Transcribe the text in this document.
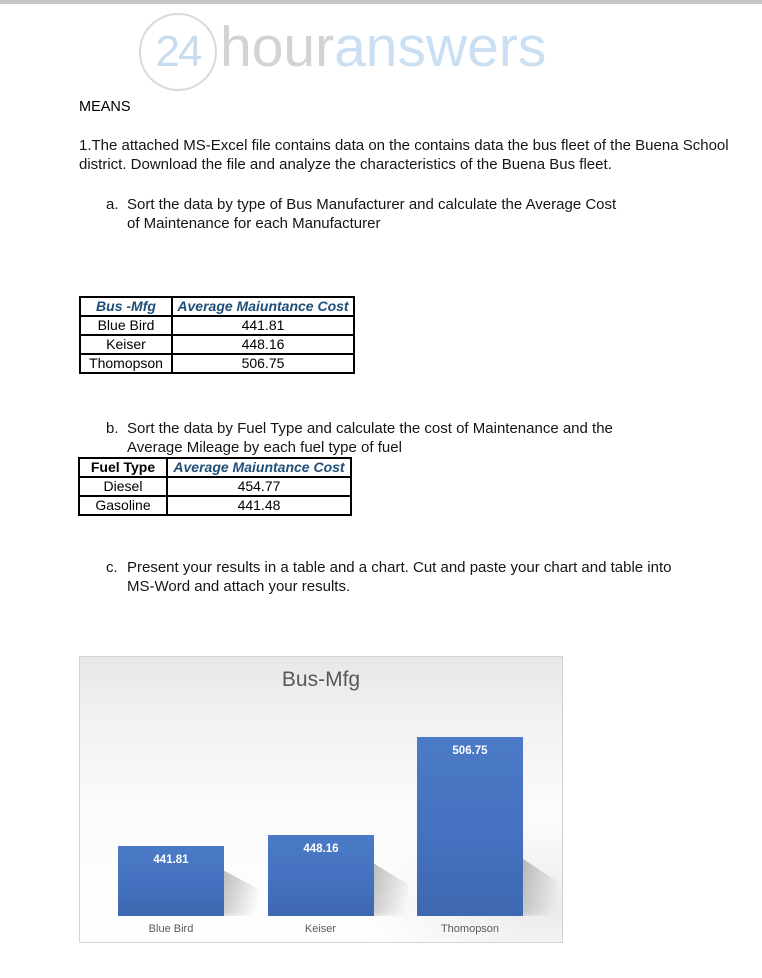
24 houranswers
MEANS

1.The attached MS-Excel file contains data on the contains data the bus fleet of the Buena School district. Download the file and analyze the characteristics of the Buena Bus fleet.

a. Sort the data by type of Bus Manufacturer and calculate the Average Cost of Maintenance for each Manufacturer
Bus -Mfg	Average Maiuntance Cost
Blue Bird	441.81
Keiser	448.16
Thomopson	506.75
b. Sort the data by Fuel Type and calculate the cost of Maintenance and the Average Mileage by each fuel type of fuel
Fuel Type	Average Maiuntance Cost
Diesel	454.77
Gasoline	441.48
c. Present your results in a table and a chart. Cut and paste your chart and table into MS-Word and attach your results.
Bus-Mfg
441.81
Blue Bird
448.16
Keiser
506.75
Thomopson
